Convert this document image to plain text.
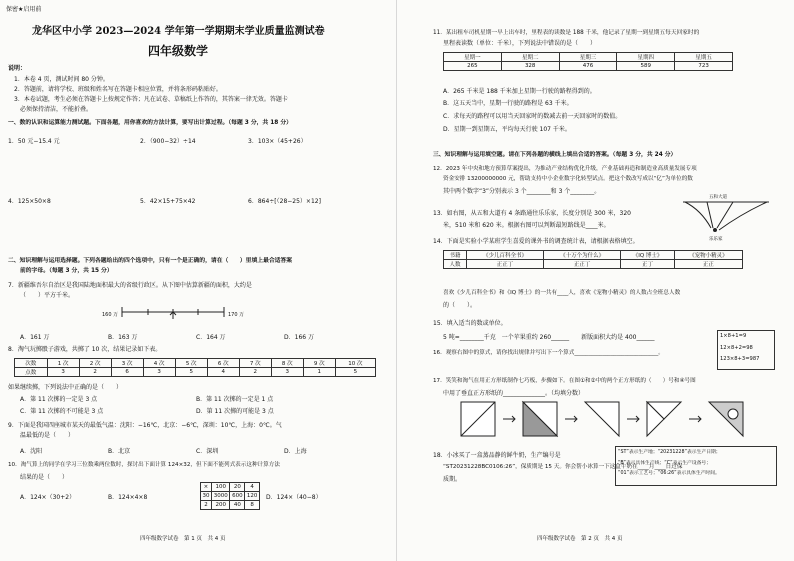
保密★启用前
龙华区中小学 2023—2024 学年第一学期期末学业质量监测试卷
四年级数学
说明：
1．本卷 4 页，测试时间 80 分钟。
2．答题前，请将学校、班级和姓名写在答题卡相应位置，并将条形码粘贴好。
3．本卷试题，考生必须在答题卡上按规定作答；凡在试卷、草稿纸上作答的，其答案一律无效。答题卡
必须保持清洁，不能折叠。
一、数的认识和运算能力测试题。下面各题，用你喜欢的方法计算，要写出计算过程。（每题 3 分，共 18 分）
1．50 元−15.4 元	2．（900−32）÷14	3．103×（45+26）
4．125×50×8	5．42×15+75×42	6．864÷[（28−25）×12]
二、知识理解与运用选择题。下列各题给出的四个选项中，只有一个是正确的，请在（　　）里填上最合适答案
前的字母。（每题 3 分，共 15 分）
7．新疆维吾尔自治区是我国陆地面积最大的省级行政区。从下图中估算新疆的面积，大约是
（　　）平方千米。
160 万	170 万
A．161 万	B．163 万	C．164 万	D．166 万
8．淘气玩掷骰子游戏，共掷了 10 次，结果记录如下表。
次数	1 次	2 次	3 次	4 次	5 次	6 次	7 次	8 次	9 次	10 次
点数	3	2	6	3	5	4	2	3	1	5
如果继续掷，下列说法中正确的是（　　）
A．第 11 次掷的一定是 3 点	B．第 11 次掷的一定是 1 点
C．第 11 次掷的不可能是 3 点	D．第 11 次掷的可能是 3 点
9．下面是我国四座城市某天的最低气温：沈阳：−16℃，北京：−6℃，深圳：10℃，上海：0℃。气
温最低的是（　　）
A．沈阳	B．北京	C．深圳	D．上海
10．淘气算上的同学在学习三位数乘两位数时，探讨出下面计算 124×32，但下面不能列式表示这种计算方法
结果的是（　　）
×	100	20	4
30	3000	600	120
2	200	40	8
A．124×（30+2）	B．124×4×8	D．124×（40−8）
四年级数学试卷　第 1 页　共 4 页
11．某出租车司机星期一早上出车时，里程表的读数是 188 千米，他记录了星期一到星期五每天回家时的
里程表读数（单位：千米），下列说法中错误的是（　　）
星期一	星期二	星期三	星期四	星期五
265	328	476	589	723
A．265 千米是 188 千米加上星期一行驶的路程得到的。
B．这五天当中，星期一行驶的路程是 63 千米。
C．求每天的路程可以用当天回家时的数减去前一天回家时的数值。
D．星期一到星期五，平均每天行驶 107 千米。
三、知识理解与运用填空题。请在下列各题的横线上填出合适的答案。（每题 3 分，共 24 分）
12．2023 年中央和地方预算草案提出，为推动产业结构优化升级，产业基础再造和制造业高质量发展专项
资金安排 13200000000 元，帮助支持中小企业数字化转型试点。把这个数改写成以“亿”为单位的数
其中两个数字“3”分别表示 3 个________和 3 个________。
五和大道
乐乐家
13．如右图，从五和大道有 4 条路通往乐乐家，长度分别是 300 米，320
米，510 米和 620 米。根据右图可以判断最短路线是____米。
14．下面是实验小学某班学生喜爱的课外书的调查统计表，请根据表格填空。
书籍	《少儿百科全书》	《十万个为什么》	《IQ 博士》	《宠物小精灵》
人数	正正丁	正正丁	正丁	正正
喜欢《少儿百科全书》和《IQ 博士》的一共有____人，喜欢《宠物小精灵》的人数占全班总人数
的（　　）。
15．填入适当的数或单位。
5 吨=________千克　一个苹果重约 260______　　新版面积大约是 400______
16．观察右图中的算式，请你找出规律并写出下一个算式______________________________。
1×8+1=9
12×8+2=98
123×8+3=987
17．笑笑和淘气在用正方形纸制作七巧板，步骤如下。在图①和②中的两个正方形纸的（　　）号和④号图
中用了垂直正方形纸的______________。（均填分数）
18．小冰买了一盒蒸品静的鲜牛奶，生产编号是
“ST20231228BC0106:26”，保质期是 15 天。你会帮小冰算一下这盒牛奶在____月____日过保
质期。
“ST”表示生产地；“20231228”表示生产日期；
“B”表示具体生产线；“C”表示生产设备号；
“01”表示工艺号；“06:26”表示具体生产时间。
四年级数学试卷　第 2 页　共 4 页
